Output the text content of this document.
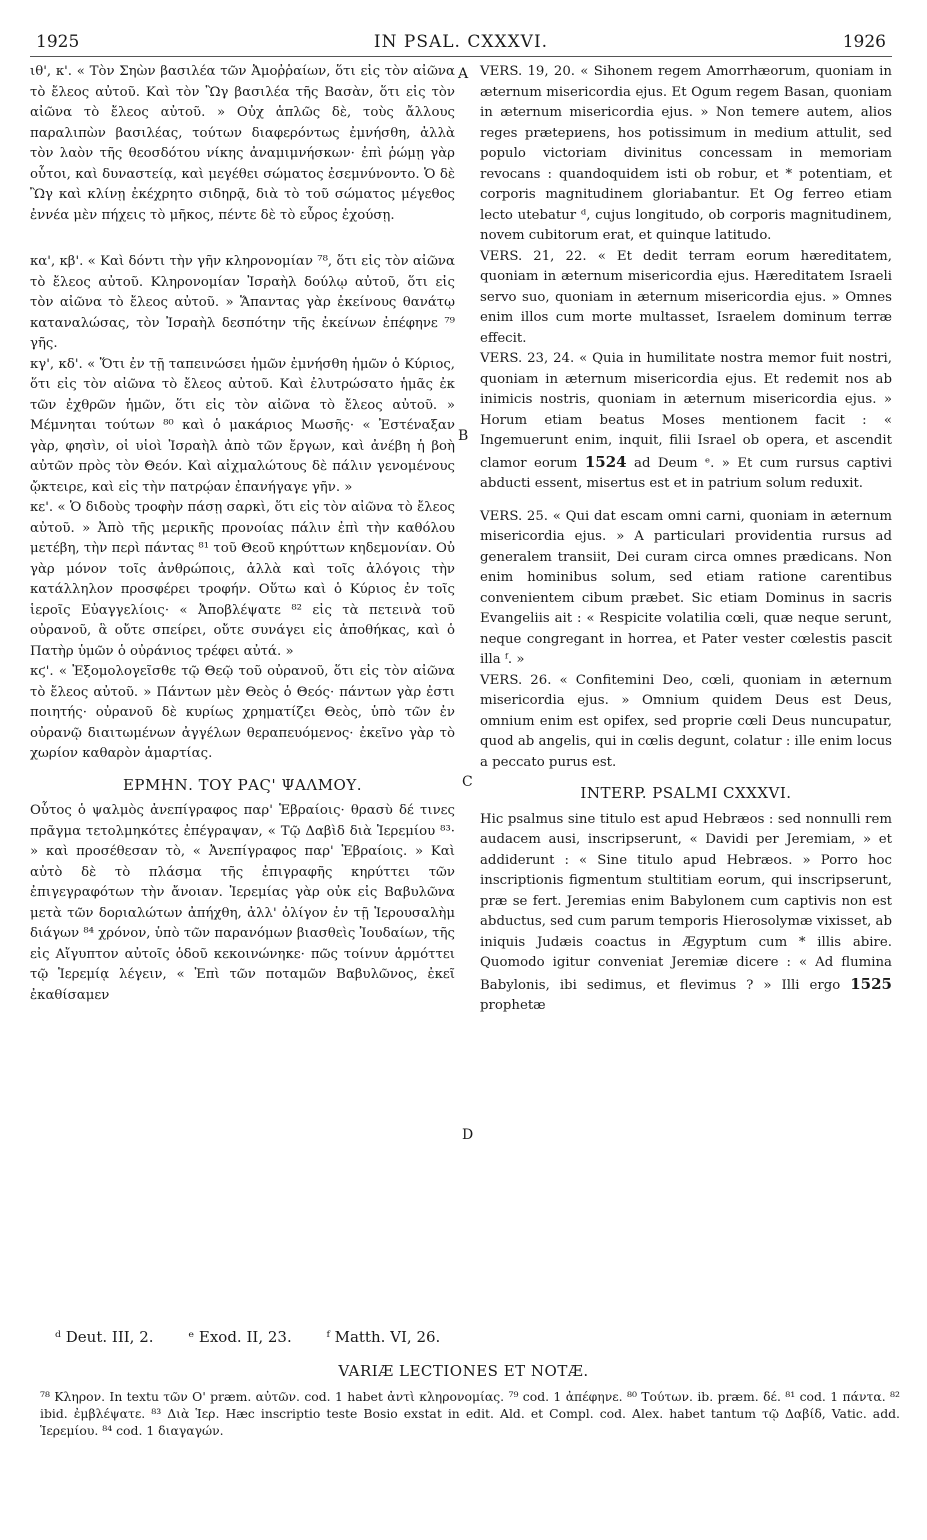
1925	IN PSAL. CXXXVI.	1926
A
B
C
D

ιθ', κ'. « Τὸν Σηὼν βασιλέα τῶν Ἀμοῤῥαίων, ὅτι εἰς τὸν αἰῶνα τὸ ἔλεος αὐτοῦ. Καὶ τὸν Ὢγ βασιλέα τῆς Βασὰν, ὅτι εἰς τὸν αἰῶνα τὸ ἔλεος αὐτοῦ. » Οὐχ ἁπλῶς δὲ, τοὺς ἄλλους παραλιπὼν βασιλέας, τούτων διαφερόντως ἐμνήσθη, ἀλλὰ τὸν λαὸν τῆς θεοσδότου νίκης ἀναμιμνήσκων· ἐπὶ ῥώμῃ γὰρ οὗτοι, καὶ δυναστείᾳ, καὶ μεγέθει σώματος ἐσεμνύνοντο. Ὁ δὲ Ὢγ καὶ κλίνῃ ἐκέχρητο σιδηρᾷ, διὰ τὸ τοῦ σώματος μέγεθος ἐννέα μὲν πήχεις τὸ μῆκος, πέντε δὲ τὸ εὖρος ἐχούσῃ.

κα', κβ'. « Καὶ δόντι τὴν γῆν κληρονομίαν ⁷⁸, ὅτι εἰς τὸν αἰῶνα τὸ ἔλεος αὐτοῦ. Κληρονομίαν Ἰσραὴλ δούλῳ αὐτοῦ, ὅτι εἰς τὸν αἰῶνα τὸ ἔλεος αὐτοῦ. » Ἅπαντας γὰρ ἐκείνους θανάτῳ καταναλώσας, τὸν Ἰσραὴλ δεσπότην τῆς ἐκείνων ἐπέφηνε ⁷⁹ γῆς.

κγ', κδ'. « Ὅτι ἐν τῇ ταπεινώσει ἡμῶν ἐμνήσθη ἡμῶν ὁ Κύριος, ὅτι εἰς τὸν αἰῶνα τὸ ἔλεος αὐτοῦ. Καὶ ἐλυτρώσατο ἡμᾶς ἐκ τῶν ἐχθρῶν ἡμῶν, ὅτι εἰς τὸν αἰῶνα τὸ ἔλεος αὐτοῦ. » Μέμνηται τούτων ⁸⁰ καὶ ὁ μακάριος Μωσῆς· « Ἐστέναξαν γὰρ, φησὶν, οἱ υἱοὶ Ἰσραὴλ ἀπὸ τῶν ἔργων, καὶ ἀνέβη ἡ βοὴ αὐτῶν πρὸς τὸν Θεόν. Καὶ αἰχμαλώτους δὲ πάλιν γενομένους ᾤκτειρε, καὶ εἰς τὴν πατρῴαν ἐπανήγαγε γῆν. »

κε'. « Ὁ διδοὺς τροφὴν πάσῃ σαρκὶ, ὅτι εἰς τὸν αἰῶνα τὸ ἔλεος αὐτοῦ. » Ἀπὸ τῆς μερικῆς προνοίας πάλιν ἐπὶ τὴν καθόλου μετέβη, τὴν περὶ πάντας ⁸¹ τοῦ Θεοῦ κηρύττων κηδεμονίαν. Οὐ γὰρ μόνον τοῖς ἀνθρώποις, ἀλλὰ καὶ τοῖς ἀλόγοις τὴν κατάλληλον προσφέρει τροφήν. Οὕτω καὶ ὁ Κύριος ἐν τοῖς ἱεροῖς Εὐαγγελίοις· « Ἀποβλέψατε ⁸² εἰς τὰ πετεινὰ τοῦ οὐρανοῦ, ἃ οὔτε σπείρει, οὔτε συνάγει εἰς ἀποθήκας, καὶ ὁ Πατὴρ ὑμῶν ὁ οὐράνιος τρέφει αὐτά. »

κϛ'. « Ἐξομολογεῖσθε τῷ Θεῷ τοῦ οὐρανοῦ, ὅτι εἰς τὸν αἰῶνα τὸ ἔλεος αὐτοῦ. » Πάντων μὲν Θεὸς ὁ Θεός· πάντων γὰρ ἐστι ποιητής· οὐρανοῦ δὲ κυρίως χρηματίζει Θεὸς, ὑπὸ τῶν ἐν οὐρανῷ διαιτωμένων ἀγγέλων θεραπευόμενος· ἐκεῖνο γὰρ τὸ χωρίον καθαρὸν ἁμαρτίας.

ΕΡΜΗΝ. ΤΟΥ ΡΑϚ' ΨΑΛΜΟΥ.

Οὗτος ὁ ψαλμὸς ἀνεπίγραφος παρ' Ἑβραίοις· θρασὺ δέ τινες πρᾶγμα τετολμηκότες ἐπέγραψαν, « Τῷ Δαβὶδ διὰ Ἱερεμίου ⁸³· » καὶ προσέθεσαν τὸ, « Ἀνεπίγραφος παρ' Ἑβραίοις. » Καὶ αὐτὸ δὲ τὸ πλάσμα τῆς ἐπιγραφῆς κηρύττει τῶν ἐπιγεγραφότων τὴν ἄνοιαν. Ἱερεμίας γὰρ οὐκ εἰς Βαβυλῶνα μετὰ τῶν δοριαλώτων ἀπήχθη, ἀλλ' ὀλίγον ἐν τῇ Ἱερουσαλὴμ διάγων ⁸⁴ χρόνον, ὑπὸ τῶν παρανόμων βιασθεὶς Ἰουδαίων, τῆς εἰς Αἴγυπτον αὐτοῖς ὁδοῦ κεκοινώνηκε· πῶς τοίνυν ἁρμόττει τῷ Ἱερεμίᾳ λέγειν, « Ἐπὶ τῶν ποταμῶν Βαβυλῶνος, ἐκεῖ ἐκαθίσαμεν

VERS. 19, 20. « Sihonem regem Amorrhæorum, quoniam in æternum misericordia ejus. Et Ogum regem Basan, quoniam in æternum misericordia ejus. » Non temere autem, alios reges prætериens, hos potissimum in medium attulit, sed populo victoriam divinitus concessam in memoriam revocans : quandoquidem isti ob robur, et * potentiam, et corporis magnitudinem gloriabantur. Et Og ferreo etiam lecto utebatur ᵈ, cujus longitudo, ob corporis magnitudinem, novem cubitorum erat, et quinque latitudo.

VERS. 21, 22. « Et dedit terram eorum hæreditatem, quoniam in æternum misericordia ejus. Hæreditatem Israeli servo suo, quoniam in æternum misericordia ejus. » Omnes enim illos cum morte multasset, Israelem dominum terræ effecit.

VERS. 23, 24. « Quia in humilitate nostra memor fuit nostri, quoniam in æternum misericordia ejus. Et redemit nos ab inimicis nostris, quoniam in æternum misericordia ejus. » Horum etiam beatus Moses mentionem facit : « Ingemuerunt enim, inquit, filii Israel ob opera, et ascendit clamor eorum 1524 ad Deum ᵉ. » Et cum rursus captivi abducti essent, misertus est et in patrium solum reduxit.

VERS. 25. « Qui dat escam omni carni, quoniam in æternum misericordia ejus. » A particulari providentia rursus ad generalem transiit, Dei curam circa omnes prædicans. Non enim hominibus solum, sed etiam ratione carentibus convenientem cibum præbet. Sic etiam Dominus in sacris Evangeliis ait : « Respicite volatilia cœli, quæ neque serunt, neque congregant in horrea, et Pater vester cœlestis pascit illa ᶠ. »

VERS. 26. « Confitemini Deo, cœli, quoniam in æternum misericordia ejus. » Omnium quidem Deus est Deus, omnium enim est opifex, sed proprie cœli Deus nuncupatur, quod ab angelis, qui in cœlis degunt, colatur : ille enim locus a peccato purus est.

INTERP. PSALMI CXXXVI.

Hic psalmus sine titulo est apud Hebræos : sed nonnulli rem audacem ausi, inscripserunt, « Davidi per Jeremiam, » et addiderunt : « Sine titulo apud Hebræos. » Porro hoc inscriptionis figmentum stultitiam eorum, qui inscripserunt, præ se fert. Jeremias enim Babylonem cum captivis non est abductus, sed cum parum temporis Hierosolymæ vixisset, ab iniquis Judæis coactus in Ægyptum cum * illis abire. Quomodo igitur conveniat Jeremiæ dicere : « Ad flumina Babylonis, ibi sedimus, et flevimus ? » Illi ergo 1525 prophetæ

ᵈ Deut. III, 2. ᵉ Exod. II, 23. ᶠ Matth. VI, 26.
VARIÆ LECTIONES ET NOTÆ.
⁷⁸ Κληρον. In textu τῶν Ο' præm. αὐτῶν. cod. 1 habet ἀντὶ κληρονομίας. ⁷⁹ cod. 1 ἀπέφηνε. ⁸⁰ Τούτων. ib. præm. δέ. ⁸¹ cod. 1 πάντα. ⁸² ibid. ἐμβλέψατε. ⁸³ Διὰ Ἱερ. Hæc inscriptio teste Bosio exstat in edit. Ald. et Compl. cod. Alex. habet tantum τῷ Δαβίδ, Vatic. add. Ἱερεμίου. ⁸⁴ cod. 1 διαγαγών.
